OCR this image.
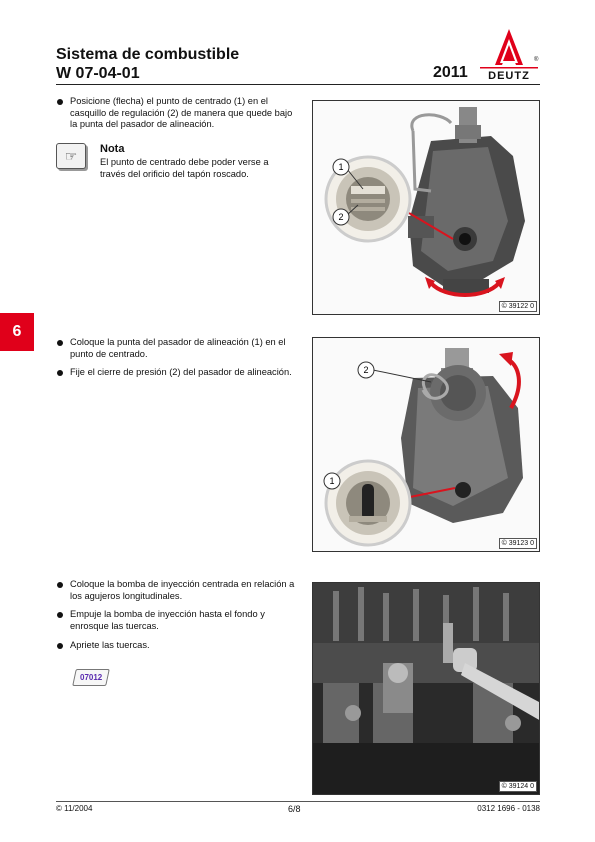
Sistema de combustible
W 07-04-01	2011 DEUTZ
®
6
Posicione (flecha) el punto de centrado (1) en el casquillo de regulación (2) de manera que quede bajo la punta del pasador de alineación.
☞	Nota
El punto de centrado debe poder verse a través del orificio del tapón roscado.
1
2
© 39122 0
Coloque la punta del pasador de alineación (1) en el punto de centrado.
Fije el cierre de presión (2) del pasador de alineación.	2
1
© 39123 0
Coloque la bomba de inyección centrada en relación a los agujeros longitudinales.
Empuje la bomba de inyección hasta el fondo y enrosque las tuercas.
Apriete las tuercas.
07012
© 39124 0
© 11/2004	6/8	0312 1696 - 0138
